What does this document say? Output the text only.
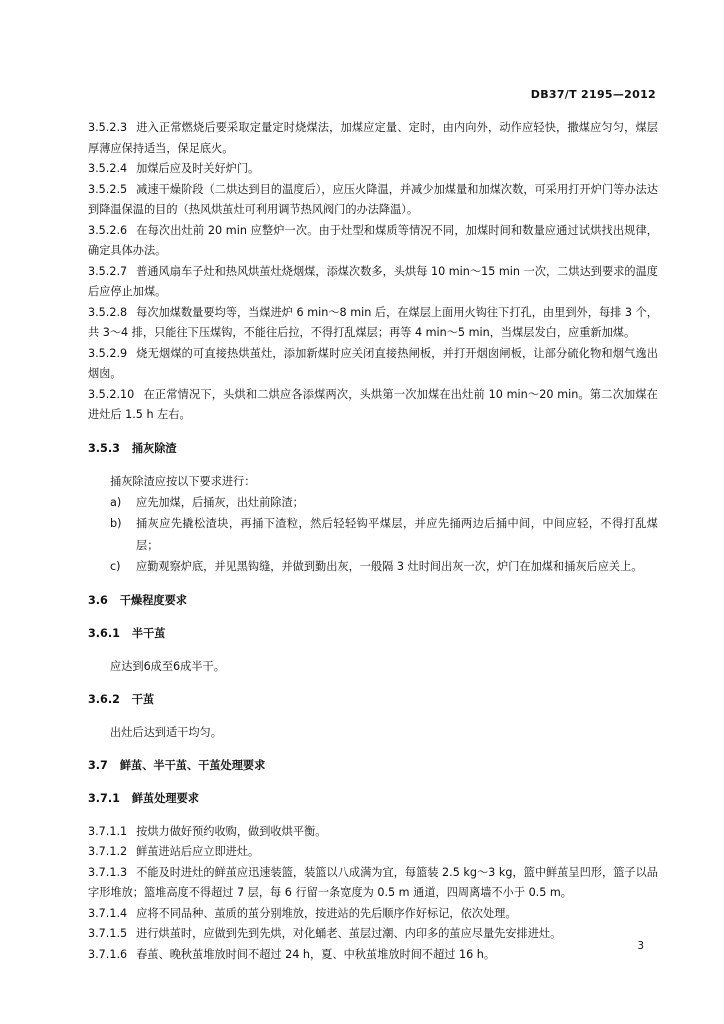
DB37/T 2195—2012

3.5.2.3 进入正常燃烧后要采取定量定时烧煤法，加煤应定量、定时，由内向外，动作应轻快，撒煤应匀匀，煤层厚薄应保持适当，保足底火。

3.5.2.4 加煤后应及时关好炉门。

3.5.2.5 减速干燥阶段（二烘达到目的温度后），应压火降温，并减少加煤量和加煤次数，可采用打开炉门等办法达到降温保温的目的（热风烘茧灶可利用调节热风阀门的办法降温）。

3.5.2.6 在每次出灶前 20 min 应整炉一次。由于灶型和煤质等情况不同，加煤时间和数量应通过试烘找出规律，确定具体办法。

3.5.2.7 普通风扇车子灶和热风烘茧灶烧烟煤，添煤次数多，头烘每 10 min～15 min 一次，二烘达到要求的温度后应停止加煤。

3.5.2.8 每次加煤数量要均等，当煤进炉 6 min～8 min 后，在煤层上面用火钩往下打孔，由里到外，每排 3 个，共 3～4 排，只能往下压煤钩，不能往后拉，不得打乱煤层；再等 4 min～5 min，当煤层发白，应重新加煤。

3.5.2.9 烧无烟煤的可直接热烘茧灶，添加新煤时应关闭直接热闸板，并打开烟囱闸板，让部分硫化物和烟气逸出烟囱。

3.5.2.10 在正常情况下，头烘和二烘应各添煤两次，头烘第一次加煤在出灶前 10 min～20 min。第二次加煤在进灶后 1.5 h 左右。

3.5.3 捅灰除渣

捅灰除渣应按以下要求进行：

a) 应先加煤，后捅灰，出灶前除渣；

b) 捅灰应先撬松渣块，再捅下渣粒，然后轻轻钩平煤层，并应先捅两边后捅中间，中间应轻，不得打乱煤层；

c) 应勤观察炉底，并见黑钩缝，并做到勤出灰，一般隔 3 灶时间出灰一次，炉门在加煤和捅灰后应关上。

3.6 干燥程度要求

3.6.1 半干茧

应达到6成至6成半干。

3.6.2 干茧

出灶后达到适干均匀。

3.7 鲜茧、半干茧、干茧处理要求

3.7.1 鲜茧处理要求

3.7.1.1 按烘力做好预约收购，做到收烘平衡。

3.7.1.2 鲜茧进站后应立即进灶。

3.7.1.3 不能及时进灶的鲜茧应迅速装篮，装篮以八成满为宜，每篮装 2.5 kg～3 kg，篮中鲜茧呈凹形，篮子以品字形堆放；篮堆高度不得超过 7 层，每 6 行留一条宽度为 0.5 m 通道，四周离墙不小于 0.5 m。

3.7.1.4 应将不同品种、茧质的茧分别堆放，按进站的先后顺序作好标记，依次处理。

3.7.1.5 进行烘茧时，应做到先到先烘，对化蛹老、茧层过潮、内印多的茧应尽量先安排进灶。

3.7.1.6 春茧、晚秋茧堆放时间不超过 24 h，夏、中秋茧堆放时间不超过 16 h。

3
